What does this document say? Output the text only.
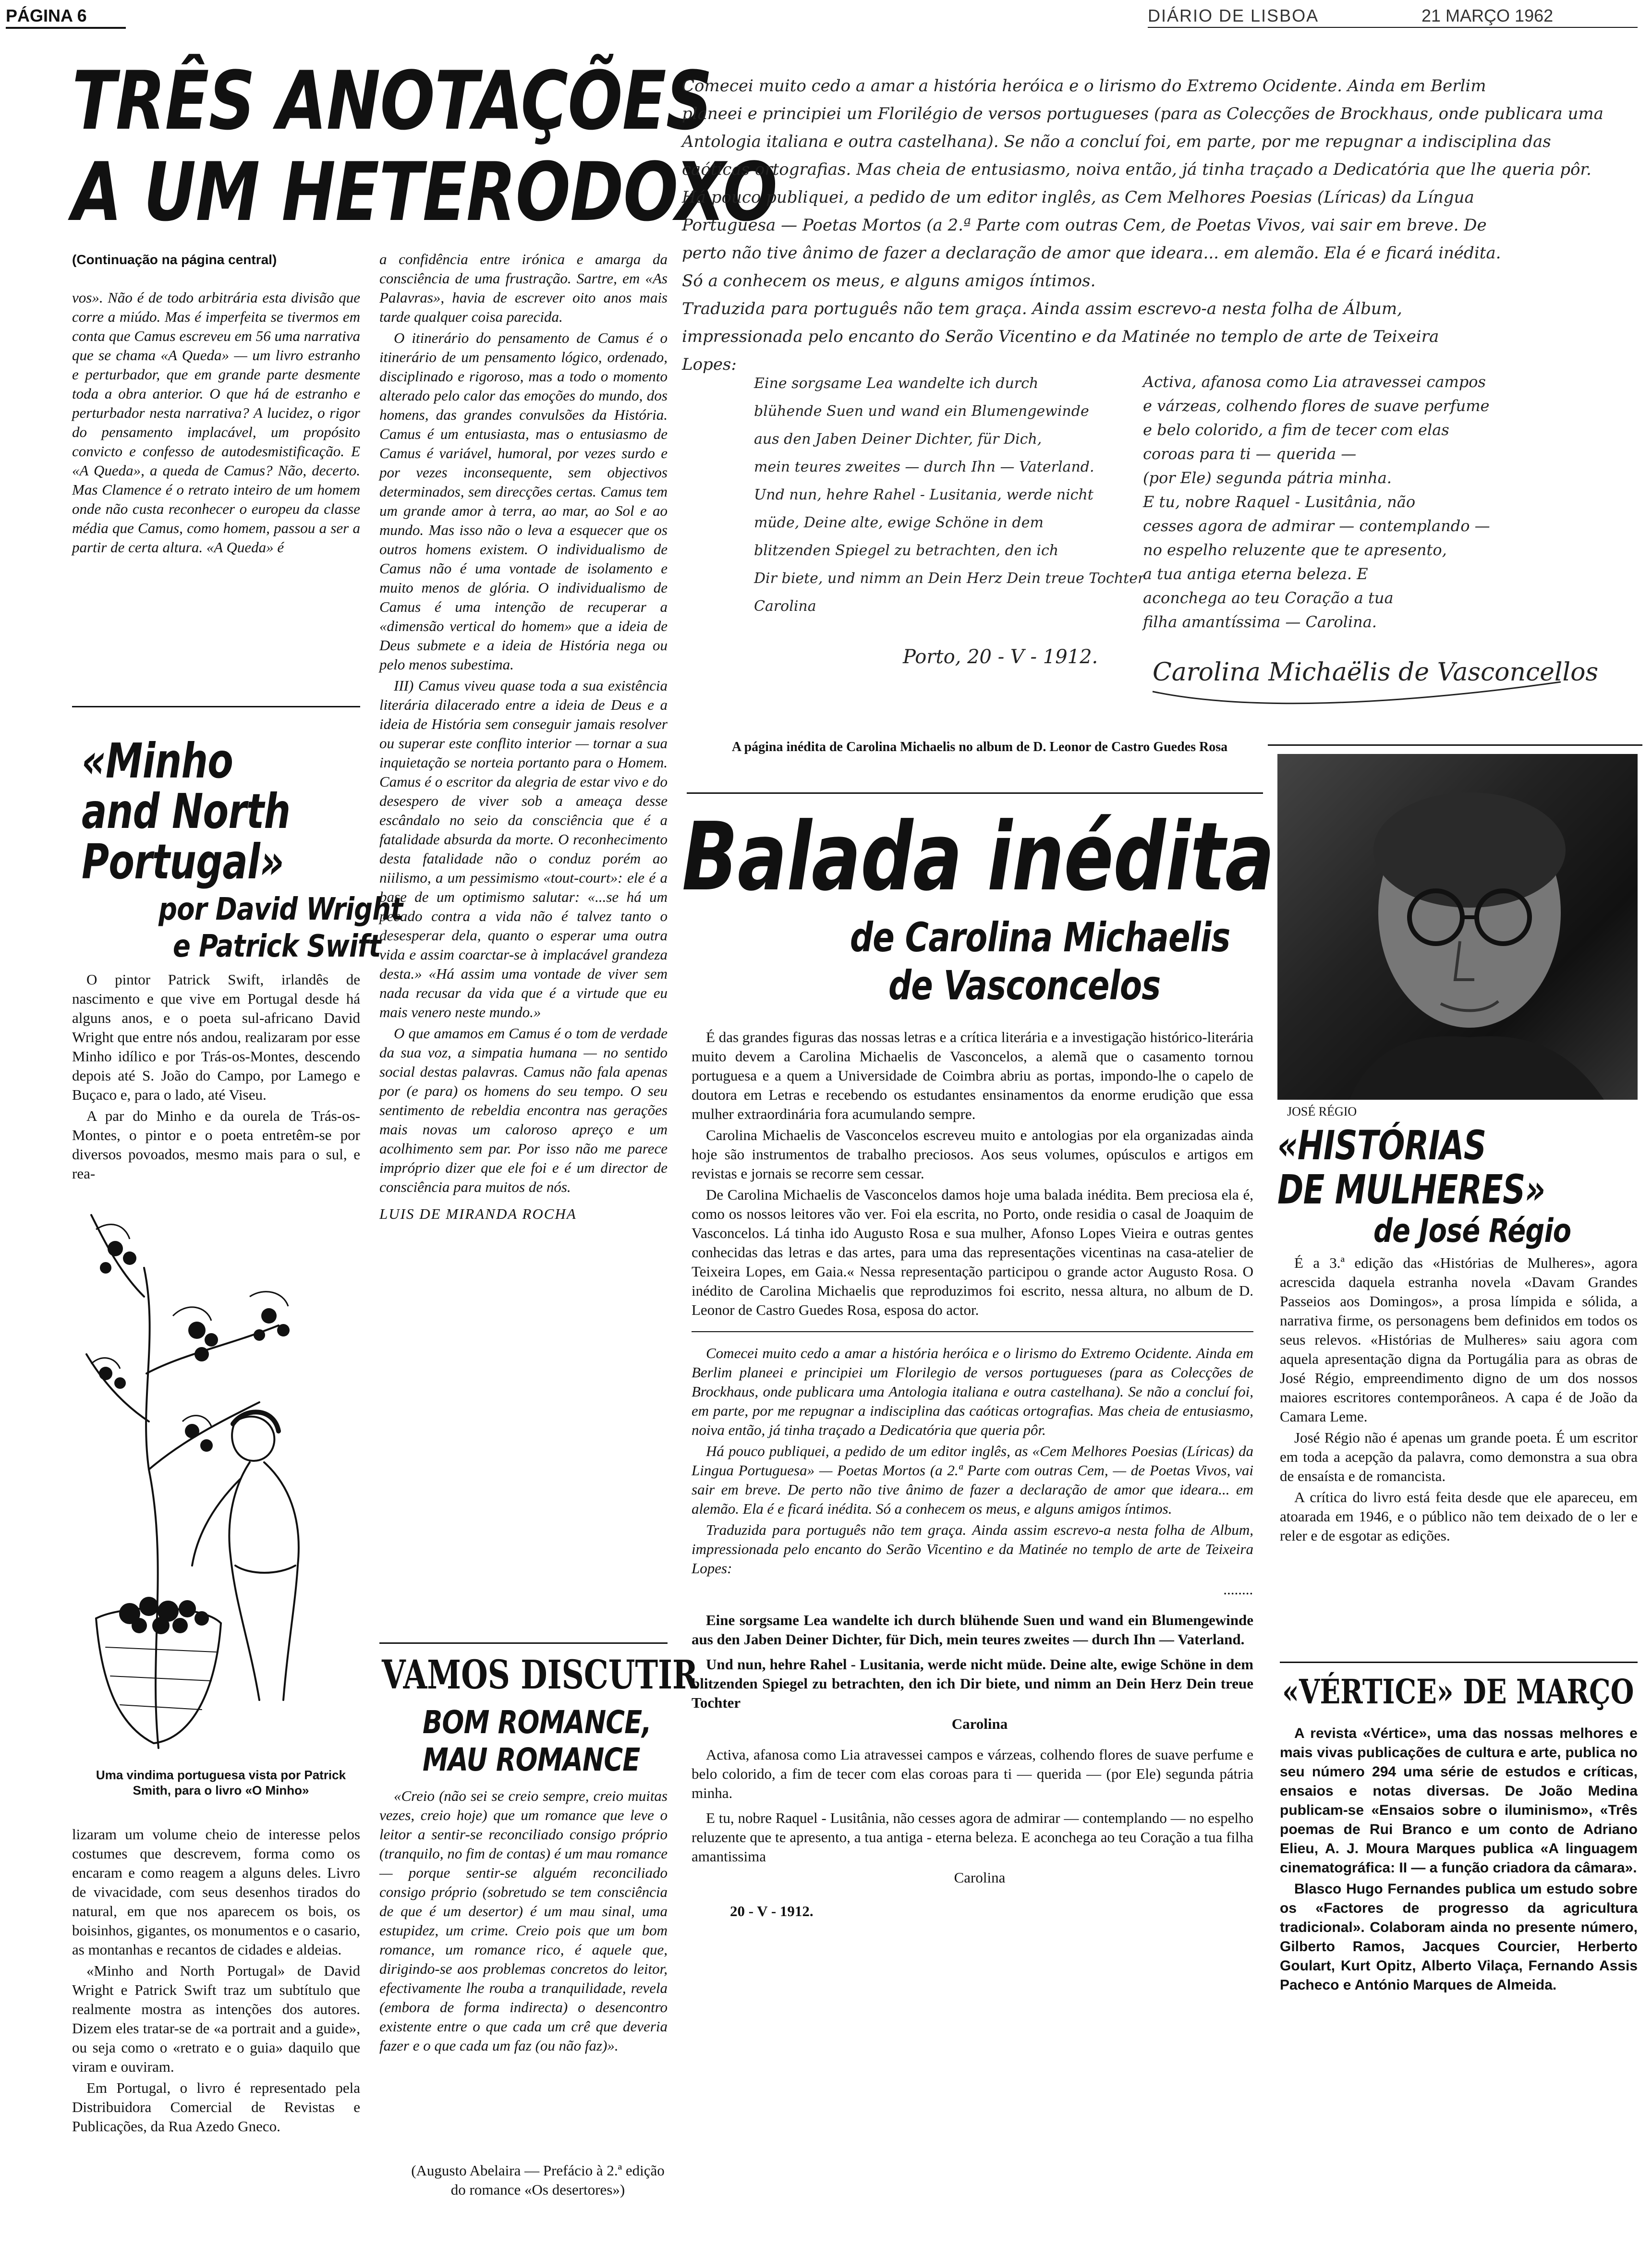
PÁGINA 6	DIÁRIO DE LISBOA	21 MARÇO 1962
TRÊS ANOTAÇÕES
A UM HETERODOXO
(Continuação na página central)

vos». Não é de todo arbitrária esta divisão que corre a miúdo. Mas é imperfeita se tivermos em conta que Camus escreveu em 56 uma narrativa que se chama «A Queda» — um livro estranho e perturbador, que em grande parte desmente toda a obra anterior. O que há de estranho e perturbador nesta narrativa? A lucidez, o rigor do pensamento implacável, um propósito convicto e confesso de autodesmistificação. E «A Queda», a queda de Camus? Não, decerto. Mas Clamence é o retrato inteiro de um homem onde não custa reconhecer o europeu da classe média que Camus, como homem, passou a ser a partir de certa altura. «A Queda» é

a confidência entre irónica e amarga da consciência de uma frustração. Sartre, em «As Palavras», havia de escrever oito anos mais tarde qualquer coisa parecida.

O itinerário do pensamento de Camus é o itinerário de um pensamento lógico, ordenado, disciplinado e rigoroso, mas a todo o momento alterado pelo calor das emoções do mundo, dos homens, das grandes convulsões da História. Camus é um entusiasta, mas o entusiasmo de Camus é variável, humoral, por vezes surdo e por vezes inconsequente, sem objectivos determinados, sem direcções certas. Camus tem um grande amor à terra, ao mar, ao Sol e ao mundo. Mas isso não o leva a esquecer que os outros homens existem. O individualismo de Camus não é uma vontade de isolamento e muito menos de glória. O individualismo de Camus é uma intenção de recuperar a «dimensão vertical do homem» que a ideia de Deus submete e a ideia de História nega ou pelo menos subestima.

III) Camus viveu quase toda a sua existência literária dilacerado entre a ideia de Deus e a ideia de História sem conseguir jamais resolver ou superar este conflito interior — tornar a sua inquietação se norteia portanto para o Homem. Camus é o escritor da alegria de estar vivo e do desespero de viver sob a ameaça desse escândalo no seio da consciência que é a fatalidade absurda da morte. O reconhecimento desta fatalidade não o conduz porém ao niilismo, a um pessimismo «tout-court»: ele é a base de um optimismo salutar: «...se há um pecado contra a vida não é talvez tanto o desesperar dela, quanto o esperar uma outra vida e assim coarctar-se à implacável grandeza desta.» «Há assim uma vontade de viver sem nada recusar da vida que é a virtude que eu mais venero neste mundo.»

O que amamos em Camus é o tom de verdade da sua voz, a simpatia humana — no sentido social destas palavras. Camus não fala apenas por (e para) os homens do seu tempo. O seu sentimento de rebeldia encontra nas gerações mais novas um caloroso apreço e um acolhimento sem par. Por isso não me parece impróprio dizer que ele foi e é um director de consciência para muitos de nós.

LUIS DE MIRANDA ROCHA

«Minho
and North
Portugal»
por David Wright
e Patrick Swift

O pintor Patrick Swift, irlandês de nascimento e que vive em Portugal desde há alguns anos, e o poeta sul-africano David Wright que entre nós andou, realizaram por esse Minho idílico e por Trás-os-Montes, descendo depois até S. João do Campo, por Lamego e Buçaco e, para o lado, até Viseu.

A par do Minho e da ourela de Trás-os-Montes, o pintor e o poeta entretêm-se por diversos povoados, mesmo mais para o sul, e rea-

Uma vindima portuguesa vista por Patrick Smith, para o livro «O Minho»

lizaram um volume cheio de interesse pelos costumes que descrevem, forma como os encaram e como reagem a alguns deles. Livro de vivacidade, com seus desenhos tirados do natural, em que nos aparecem os bois, os boisinhos, gigantes, os monumentos e o casario, as montanhas e recantos de cidades e aldeias.

«Minho and North Portugal» de David Wright e Patrick Swift traz um subtítulo que realmente mostra as intenções dos autores. Dizem eles tratar-se de «a portrait and a guide», ou seja como o «retrato e o guia» daquilo que viram e ouviram.

Em Portugal, o livro é representado pela Distribuidora Comercial de Revistas e Publicações, da Rua Azedo Gneco.

VAMOS DISCUTIR
BOM ROMANCE,
MAU ROMANCE

«Creio (não sei se creio sempre, creio muitas vezes, creio hoje) que um romance que leve o leitor a sentir-se reconciliado consigo próprio (tranquilo, no fim de contas) é um mau romance — porque sentir-se alguém reconciliado consigo próprio (sobretudo se tem consciência de que é um desertor) é um mau sinal, uma estupidez, um crime. Creio pois que um bom romance, um romance rico, é aquele que, dirigindo-se aos problemas concretos do leitor, efectivamente lhe rouba a tranquilidade, revela (embora de forma indirecta) o desencontro existente entre o que cada um crê que deveria fazer e o que cada um faz (ou não faz)».

(Augusto Abelaira — Prefácio à 2.ª edição do romance «Os desertores»)
Comecei muito cedo a amar a história heróica e o lirismo do Extremo Ocidente. Ainda em Berlim
planeei e principiei um Florilégio de versos portugueses (para as Colecções de Brockhaus, onde publicara uma
Antologia italiana e outra castelhana). Se não a concluí foi, em parte, por me repugnar a indisciplina das
caóticas ortografias. Mas cheia de entusiasmo, noiva então, já tinha traçado a Dedicatória que lhe queria pôr.
Há pouco publiquei, a pedido de um editor inglês, as Cem Melhores Poesias (Líricas) da Língua
Portuguesa — Poetas Mortos (a 2.ª Parte com outras Cem, de Poetas Vivos, vai sair em breve. De
perto não tive ânimo de fazer a declaração de amor que ideara... em alemão. Ela é e ficará inédita.
Só a conhecem os meus, e alguns amigos íntimos.
Traduzida para português não tem graça. Ainda assim escrevo-a nesta folha de Álbum,
impressionada pelo encanto do Serão Vicentino e da Matinée no templo de arte de Teixeira
Lopes:
Eine sorgsame Lea wandelte ich durch
blühende Suen und wand ein Blumengewinde
aus den Jaben Deiner Dichter, für Dich,
mein teures zweites — durch Ihn — Vaterland.
Und nun, hehre Rahel - Lusitania, werde nicht
müde, Deine alte, ewige Schöne in dem
blitzenden Spiegel zu betrachten, den ich
Dir biete, und nimm an Dein Herz Dein treue Tochter
Carolina
Activa, afanosa como Lia atravessei campos
e várzeas, colhendo flores de suave perfume
e belo colorido, a fim de tecer com elas
coroas para ti — querida —
(por Ele) segunda pátria minha.
E tu, nobre Raquel - Lusitânia, não
cesses agora de admirar — contemplando —
no espelho reluzente que te apresento,
a tua antiga eterna beleza. E
aconchega ao teu Coração a tua
filha amantíssima — Carolina.
Porto, 20 - V - 1912.
Carolina Michaëlis de Vasconcellos
A página inédita de Carolina Michaelis no album de D. Leonor de Castro Guedes Rosa
Balada inédita
de Carolina Michaelis
de Vasconcelos

É das grandes figuras das nossas letras e a crítica literária e a investigação histórico-literária muito devem a Carolina Michaelis de Vasconcelos, a alemã que o casamento tornou portuguesa e a quem a Universidade de Coimbra abriu as portas, impondo-lhe o capelo de doutora em Letras e recebendo os estudantes ensinamentos da enorme erudição que essa mulher extraordinária fora acumulando sempre.

Carolina Michaelis de Vasconcelos escreveu muito e antologias por ela organizadas ainda hoje são instrumentos de trabalho preciosos. Aos seus volumes, opúsculos e artigos em revistas e jornais se recorre sem cessar.

De Carolina Michaelis de Vasconcelos damos hoje uma balada inédita. Bem preciosa ela é, como os nossos leitores vão ver. Foi ela escrita, no Porto, onde residia o casal de Joaquim de Vasconcelos. Lá tinha ido Augusto Rosa e sua mulher, Afonso Lopes Vieira e outras gentes conhecidas das letras e das artes, para uma das representações vicentinas na casa-atelier de Teixeira Lopes, em Gaia.« Nessa representação participou o grande actor Augusto Rosa. O inédito de Carolina Michaelis que reproduzimos foi escrito, nessa altura, no album de D. Leonor de Castro Guedes Rosa, esposa do actor.

Comecei muito cedo a amar a história heróica e o lirismo do Extremo Ocidente. Ainda em Berlim planeei e principiei um Florilegio de versos portugueses (para as Colecções de Brockhaus, onde publicara uma Antologia italiana e outra castelhana). Se não a concluí foi, em parte, por me repugnar a indisciplina das caóticas ortografias. Mas cheia de entusiasmo, noiva então, já tinha traçado a Dedicatória que queria pôr.

Há pouco publiquei, a pedido de um editor inglês, as «Cem Melhores Poesias (Líricas) da Lingua Portuguesa» — Poetas Mortos (a 2.ª Parte com outras Cem, — de Poetas Vivos, vai sair em breve. De perto não tive ânimo de fazer a declaração de amor que ideara... em alemão. Ela é e ficará inédita. Só a conhecem os meus, e alguns amigos íntimos.

Traduzida para português não tem graça. Ainda assim escrevo-a nesta folha de Album, impressionada pelo encanto do Serão Vicentino e da Matinée no templo de arte de Teixeira Lopes:

........

Eine sorgsame Lea wandelte ich durch blühende Suen und wand ein Blumengewinde aus den Jaben Deiner Dichter, für Dich, mein teures zweites — durch Ihn — Vaterland.

Und nun, hehre Rahel - Lusitania, werde nicht müde. Deine alte, ewige Schöne in dem blitzenden Spiegel zu betrachten, den ich Dir biete, und nimm an Dein Herz Dein treue Tochter

Carolina

Activa, afanosa como Lia atravessei campos e várzeas, colhendo flores de suave perfume e belo colorido, a fim de tecer com elas coroas para ti — querida — (por Ele) segunda pátria minha.

E tu, nobre Raquel - Lusitânia, não cesses agora de admirar — contemplando — no espelho reluzente que te apresento, a tua antiga - eterna beleza. E aconchega ao teu Coração a tua filha amantissima

Carolina

20 - V - 1912.

JOSÉ RÉGIO
«HISTÓRIAS
DE MULHERES»
de José Régio

É a 3.ª edição das «Histórias de Mulheres», agora acrescida daquela estranha novela «Davam Grandes Passeios aos Domingos», a prosa límpida e sólida, a narrativa firme, os personagens bem definidos em todos os seus relevos. «Histórias de Mulheres» saiu agora com aquela apresentação digna da Portugália para as obras de José Régio, empreendimento digno de um dos nossos maiores escritores contemporâneos. A capa é de João da Camara Leme.

José Régio não é apenas um grande poeta. É um escritor em toda a acepção da palavra, como demonstra a sua obra de ensaísta e de romancista.

A crítica do livro está feita desde que ele apareceu, em atoarada em 1946, e o público não tem deixado de o ler e reler e de esgotar as edições.

«VÉRTICE» DE MARÇO

A revista «Vértice», uma das nossas melhores e mais vivas publicações de cultura e arte, publica no seu número 294 uma série de estudos e críticas, ensaios e notas diversas. De João Medina publicam-se «Ensaios sobre o iluminismo», «Três poemas de Rui Branco e um conto de Adriano Elieu, A. J. Moura Marques publica «A linguagem cinematográfica: II — a função criadora da câmara».

Blasco Hugo Fernandes publica um estudo sobre os «Factores de progresso da agricultura tradicional». Colaboram ainda no presente número, Gilberto Ramos, Jacques Courcier, Herberto Goulart, Kurt Opitz, Alberto Vilaça, Fernando Assis Pacheco e António Marques de Almeida.
